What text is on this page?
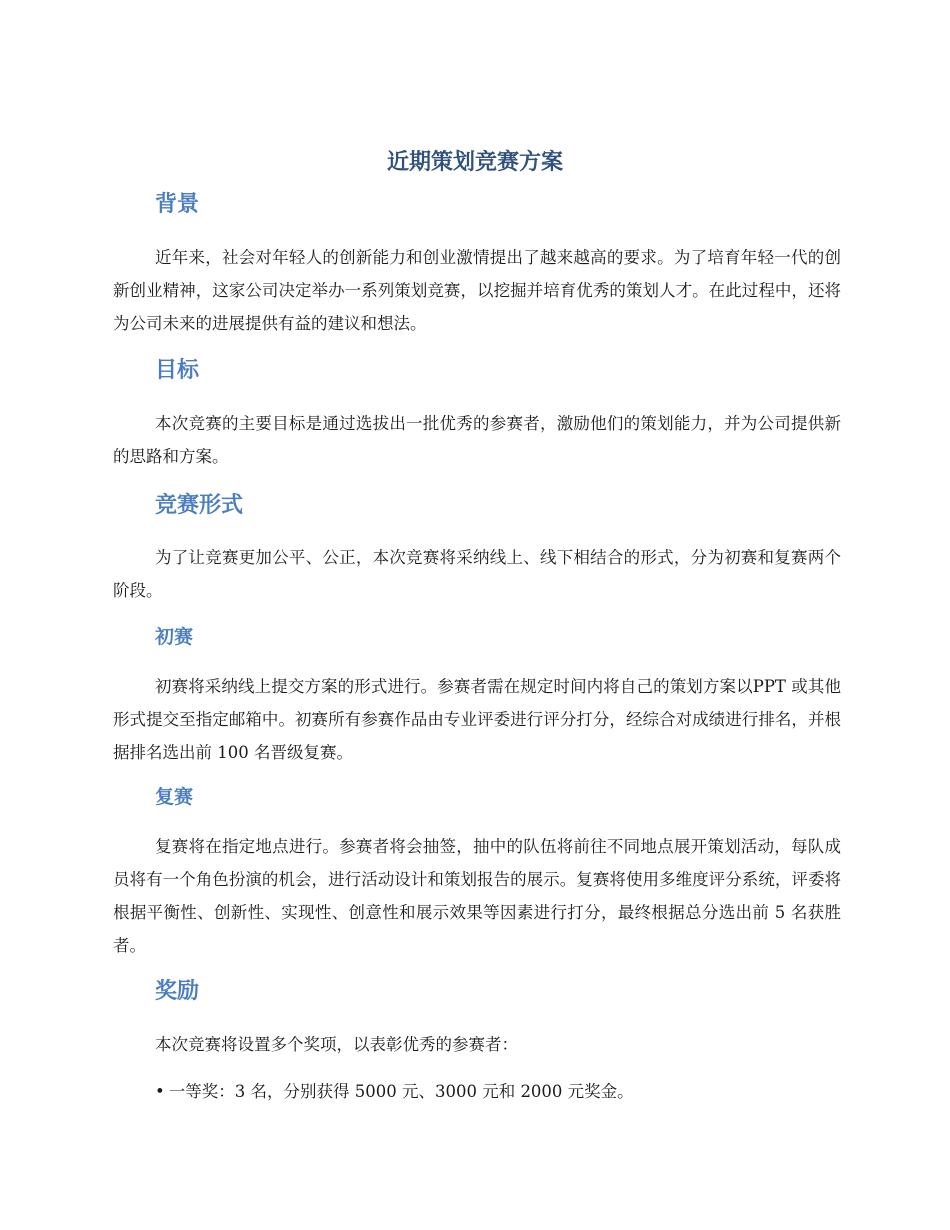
近期策划竞赛方案
背景

近年来，社会对年轻人的创新能力和创业激情提出了越来越高的要求。为了培育年轻一代的创新创业精神，这家公司决定举办一系列策划竞赛，以挖掘并培育优秀的策划人才。在此过程中，还将为公司未来的进展提供有益的建议和想法。

目标

本次竞赛的主要目标是通过选拔出一批优秀的参赛者，激励他们的策划能力，并为公司提供新的思路和方案。

竞赛形式

为了让竞赛更加公平、公正，本次竞赛将采纳线上、线下相结合的形式，分为初赛和复赛两个阶段。

初赛

初赛将采纳线上提交方案的形式进行。参赛者需在规定时间内将自己的策划方案以PPT 或其他形式提交至指定邮箱中。初赛所有参赛作品由专业评委进行评分打分，经综合对成绩进行排名，并根据排名选出前 100 名晋级复赛。

复赛

复赛将在指定地点进行。参赛者将会抽签，抽中的队伍将前往不同地点展开策划活动，每队成员将有一个角色扮演的机会，进行活动设计和策划报告的展示。复赛将使用多维度评分系统，评委将根据平衡性、创新性、实现性、创意性和展示效果等因素进行打分，最终根据总分选出前 5 名获胜者。

奖励

本次竞赛将设置多个奖项，以表彰优秀的参赛者：

• 一等奖：3 名，分别获得 5000 元、3000 元和 2000 元奖金。
